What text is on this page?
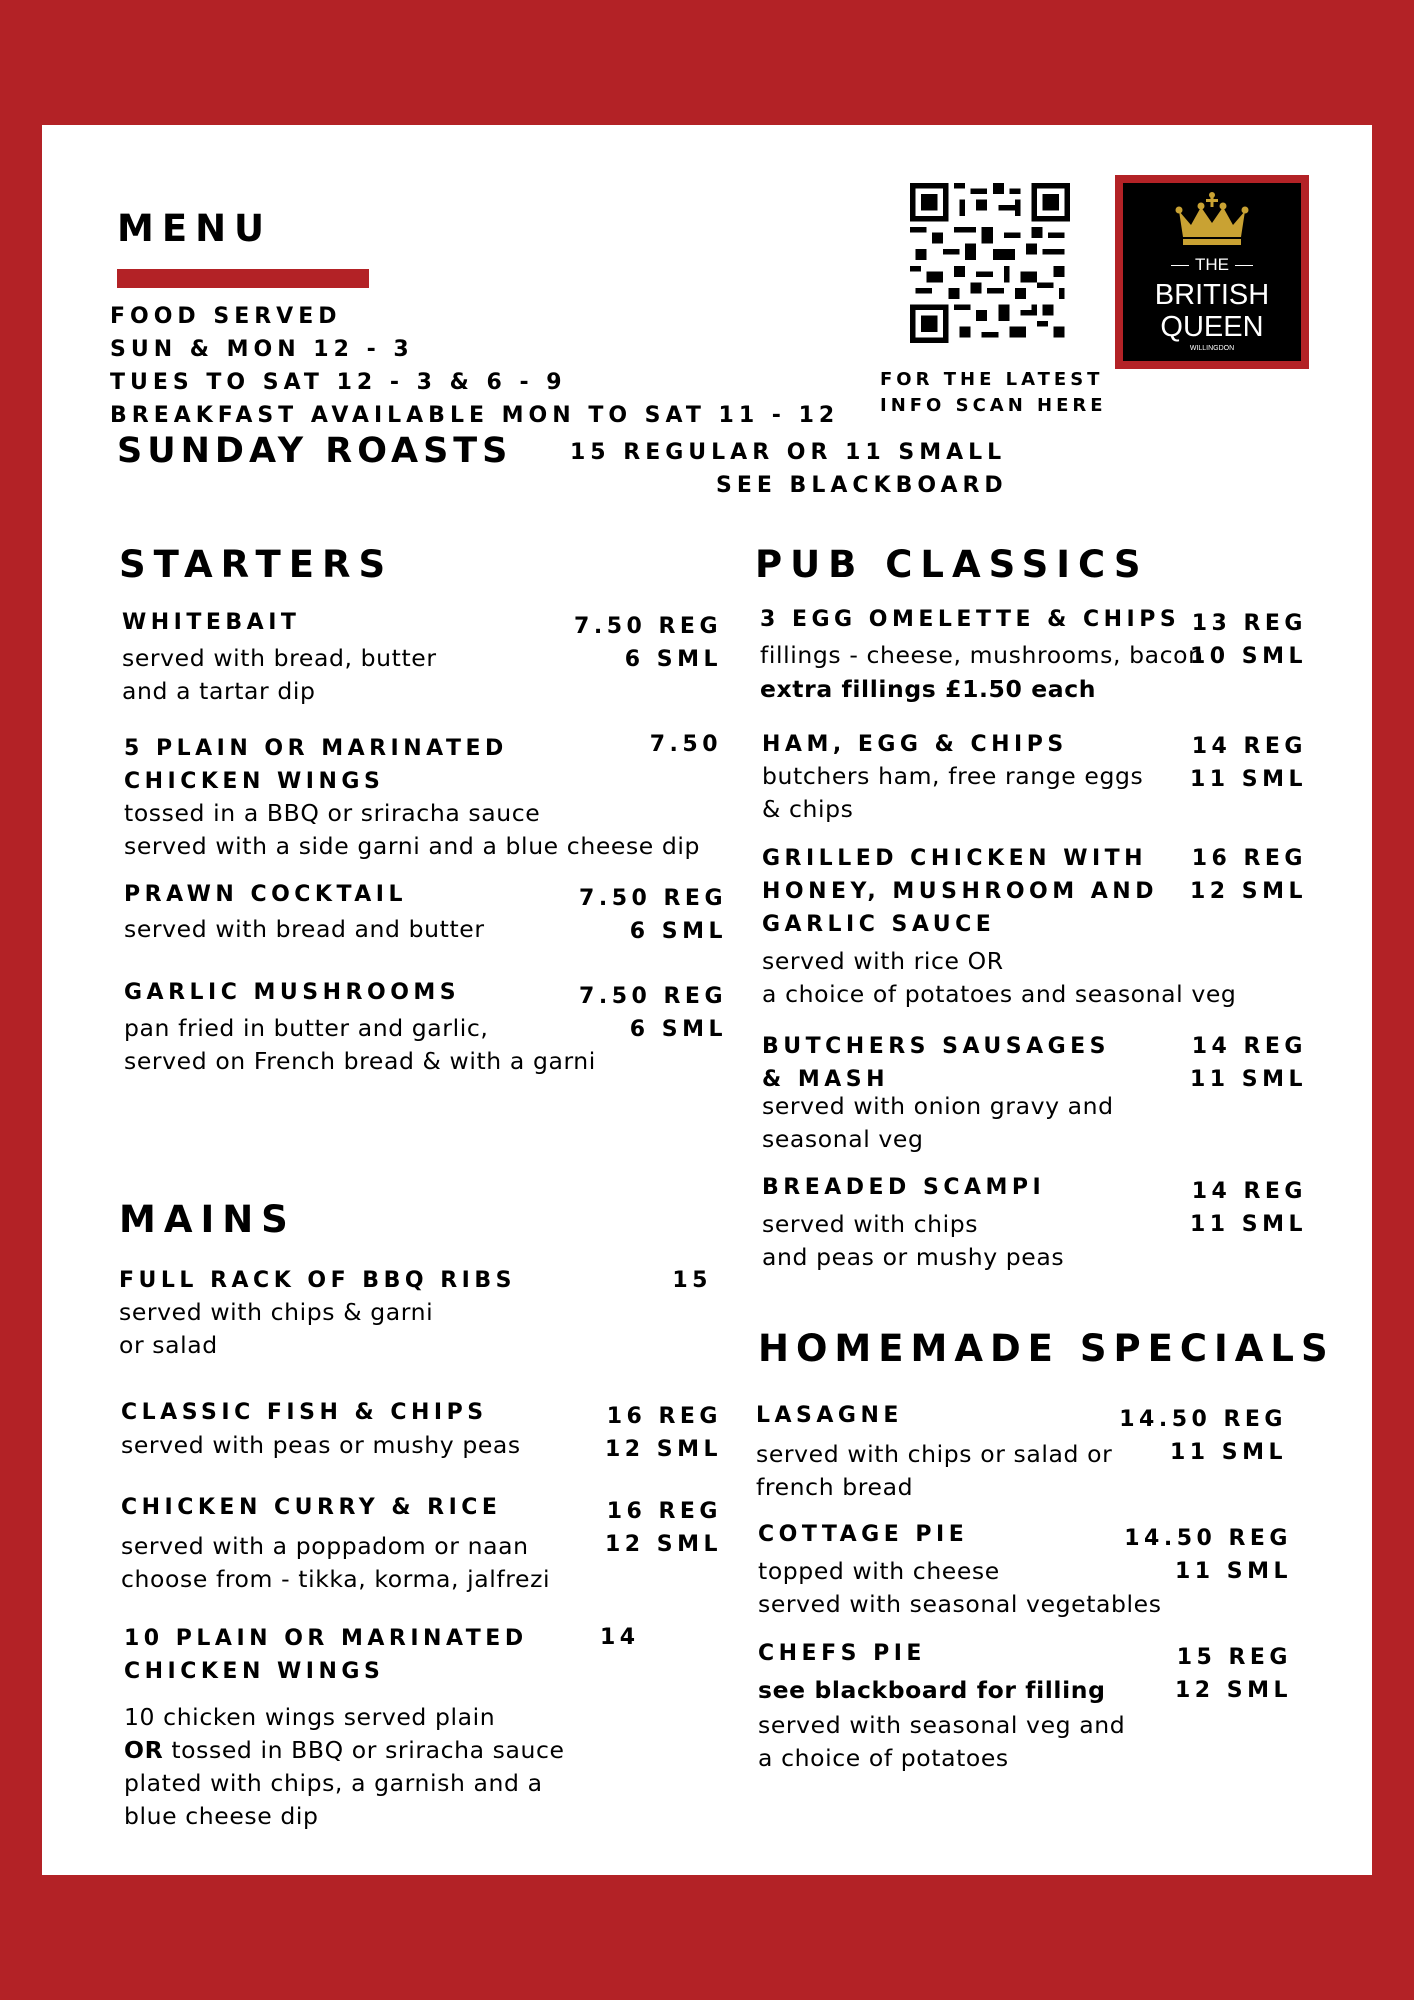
MENU
FOOD SERVED
SUN & MON 12 - 3
TUES TO SAT 12 - 3 & 6 - 9
BREAKFAST AVAILABLE MON TO SAT 11 - 12
FOR THE LATEST
INFO SCAN HERE
THE
BRITISH
QUEEN
WILLINGDON
SUNDAY ROASTS	15 REGULAR OR 11 SMALL
SEE BLACKBOARD
STARTERS
WHITEBAIT	7.50 REG
6 SML
served with bread, butter
and a tartar dip
5 PLAIN OR MARINATED
CHICKEN WINGS
7.50
tossed in a BBQ or sriracha sauce
served with a side garni and a blue cheese dip
PRAWN COCKTAIL	7.50 REG
6 SML
served with bread and butter
GARLIC MUSHROOMS	7.50 REG
6 SML
pan fried in butter and garlic,
served on French bread & with a garni
MAINS
FULL RACK OF BBQ RIBS	15
served with chips & garni
or salad
CLASSIC FISH & CHIPS	16 REG
12 SML
served with peas or mushy peas
CHICKEN CURRY & RICE	16 REG
12 SML
served with a poppadom or naan
choose from - tikka, korma, jalfrezi
10 PLAIN OR MARINATED
CHICKEN WINGS
14
10 chicken wings served plain
OR tossed in BBQ or sriracha sauce
plated with chips, a garnish and a
blue cheese dip
PUB CLASSICS
3 EGG OMELETTE & CHIPS 13 REG
10 SML
fillings - cheese, mushrooms, bacon
extra fillings £1.50 each
HAM, EGG & CHIPS	14 REG
11 SML
butchers ham, free range eggs
& chips
GRILLED CHICKEN WITH
HONEY, MUSHROOM AND
GARLIC SAUCE
16 REG
12 SML
served with rice OR
a choice of potatoes and seasonal veg
BUTCHERS SAUSAGES
& MASH
14 REG
11 SML
served with onion gravy and
seasonal veg
BREADED SCAMPI	14 REG
11 SML
served with chips
and peas or mushy peas
HOMEMADE SPECIALS
LASAGNE	14.50 REG
11 SML
served with chips or salad or
french bread
COTTAGE PIE	14.50 REG
11 SML
topped with cheese
served with seasonal vegetables
CHEFS PIE	15 REG
12 SML
see blackboard for filling
served with seasonal veg and
a choice of potatoes
